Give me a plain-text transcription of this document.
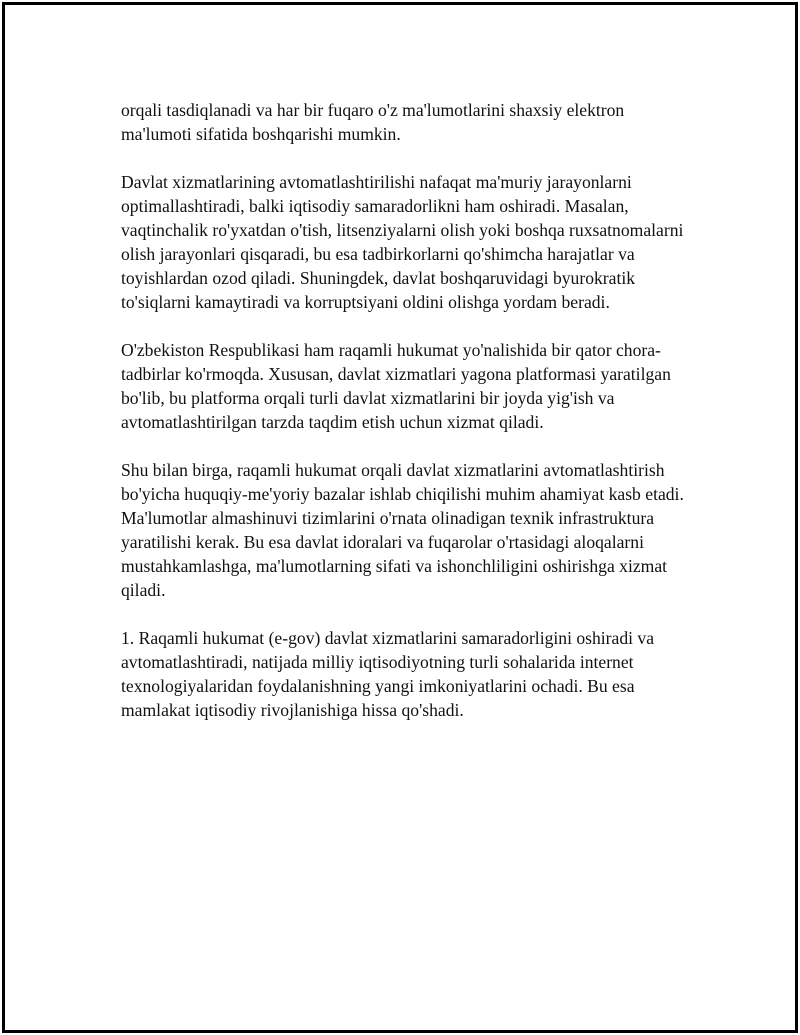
orqali tasdiqlanadi va har bir fuqaro o'z ma'lumotlarini shaxsiy elektron ma'lumoti sifatida boshqarishi mumkin.

Davlat xizmatlarining avtomatlashtirilishi nafaqat ma'muriy jarayonlarni optimallashtiradi, balki iqtisodiy samaradorlikni ham oshiradi. Masalan, vaqtinchalik ro'yxatdan o'tish, litsenziyalarni olish yoki boshqa ruxsatnomalarni olish jarayonlari qisqaradi, bu esa tadbirkorlarni qo'shimcha harajatlar va toyishlardan ozod qiladi. Shuningdek, davlat boshqaruvidagi byurokratik to'siqlarni kamaytiradi va korruptsiyani oldini olishga yordam beradi.

O'zbekiston Respublikasi ham raqamli hukumat yo'nalishida bir qator chora-tadbirlar ko'rmoqda. Xususan, davlat xizmatlari yagona platformasi yaratilgan bo'lib, bu platforma orqali turli davlat xizmatlarini bir joyda yig'ish va avtomatlashtirilgan tarzda taqdim etish uchun xizmat qiladi.

Shu bilan birga, raqamli hukumat orqali davlat xizmatlarini avtomatlashtirish bo'yicha huquqiy-me'yoriy bazalar ishlab chiqilishi muhim ahamiyat kasb etadi. Ma'lumotlar almashinuvi tizimlarini o'rnata olinadigan texnik infrastruktura yaratilishi kerak. Bu esa davlat idoralari va fuqarolar o'rtasidagi aloqalarni mustahkamlashga, ma'lumotlarning sifati va ishonchliligini oshirishga xizmat qiladi.

1. Raqamli hukumat (e-gov) davlat xizmatlarini samaradorligini oshiradi va avtomatlashtiradi, natijada milliy iqtisodiyotning turli sohalarida internet texnologiyalaridan foydalanishning yangi imkoniyatlarini ochadi. Bu esa mamlakat iqtisodiy rivojlanishiga hissa qo'shadi.
